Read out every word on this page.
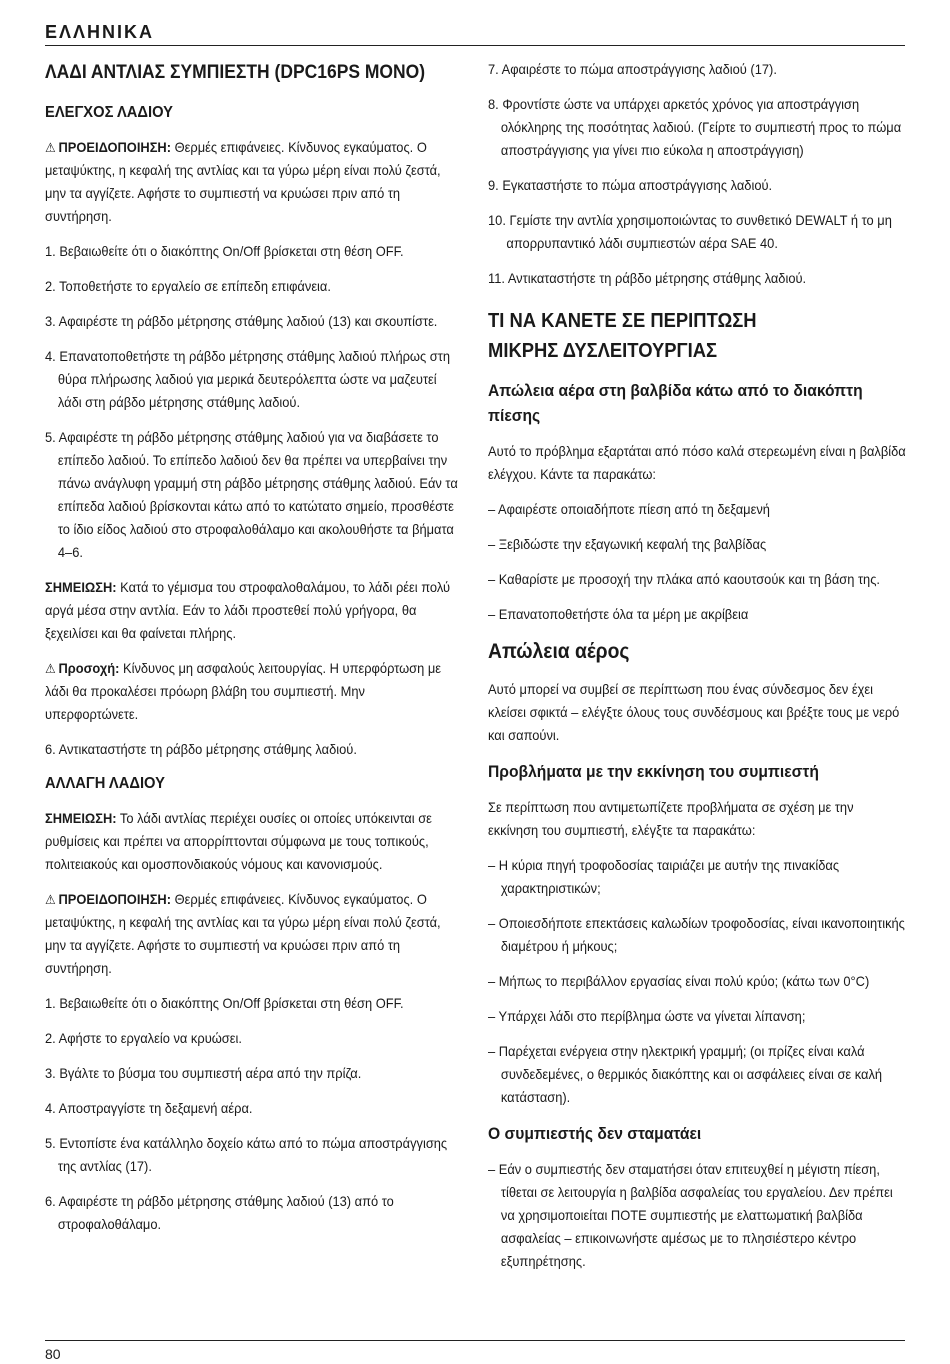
ΕΛΛΗΝΙΚΑ
ΛΑΔΙ ΑΝΤΛΙΑΣ ΣΥΜΠΙΕΣΤΗ (DPC16PS MONO)
ΕΛΕΓΧΟΣ ΛΑΔΙΟΥ

⚠ ΠΡΟΕΙΔΟΠΟΙΗΣΗ: Θερμές επιφάνειες. Κίνδυνος εγκαύματος. Ο μεταψύκτης, η κεφαλή της αντλίας και τα γύρω μέρη είναι πολύ ζεστά, μην τα αγγίζετε. Αφήστε το συμπιεστή να κρυώσει πριν από τη συντήρηση.

1. Βεβαιωθείτε ότι ο διακόπτης On/Off βρίσκεται στη θέση OFF.
2. Τοποθετήστε το εργαλείο σε επίπεδη επιφάνεια.
3. Αφαιρέστε τη ράβδο μέτρησης στάθμης λαδιού (13) και σκουπίστε.
4. Επανατοποθετήστε τη ράβδο μέτρησης στάθμης λαδιού πλήρως στη θύρα πλήρωσης λαδιού για μερικά δευτερόλεπτα ώστε να μαζευτεί λάδι στη ράβδο μέτρησης στάθμης λαδιού.
5. Αφαιρέστε τη ράβδο μέτρησης στάθμης λαδιού για να διαβάσετε το επίπεδο λαδιού. Το επίπεδο λαδιού δεν θα πρέπει να υπερβαίνει την πάνω ανάγλυφη γραμμή στη ράβδο μέτρησης στάθμης λαδιού. Εάν τα επίπεδα λαδιού βρίσκονται κάτω από το κατώτατο σημείο, προσθέστε το ίδιο είδος λαδιού στο στροφαλοθάλαμο και ακολουθήστε τα βήματα 4–6.

ΣΗΜΕΙΩΣΗ: Κατά το γέμισμα του στροφαλοθαλάμου, το λάδι ρέει πολύ αργά μέσα στην αντλία. Εάν το λάδι προστεθεί πολύ γρήγορα, θα ξεχειλίσει και θα φαίνεται πλήρης.

⚠ Προσοχή: Κίνδυνος μη ασφαλούς λειτουργίας. Η υπερφόρτωση με λάδι θα προκαλέσει πρόωρη βλάβη του συμπιεστή. Μην υπερφορτώνετε.

6. Αντικαταστήστε τη ράβδο μέτρησης στάθμης λαδιού.
ΑΛΛΑΓΗ ΛΑΔΙΟΥ

ΣΗΜΕΙΩΣΗ: Το λάδι αντλίας περιέχει ουσίες οι οποίες υπόκεινται σε ρυθμίσεις και πρέπει να απορρίπτονται σύμφωνα με τους τοπικούς, πολιτειακούς και ομοσπονδιακούς νόμους και κανονισμούς.

⚠ ΠΡΟΕΙΔΟΠΟΙΗΣΗ: Θερμές επιφάνειες. Κίνδυνος εγκαύματος. Ο μεταψύκτης, η κεφαλή της αντλίας και τα γύρω μέρη είναι πολύ ζεστά, μην τα αγγίζετε. Αφήστε το συμπιεστή να κρυώσει πριν από τη συντήρηση.

1. Βεβαιωθείτε ότι ο διακόπτης On/Off βρίσκεται στη θέση OFF.
2. Αφήστε το εργαλείο να κρυώσει.
3. Βγάλτε το βύσμα του συμπιεστή αέρα από την πρίζα.
4. Αποστραγγίστε τη δεξαμενή αέρα.
5. Εντοπίστε ένα κατάλληλο δοχείο κάτω από το πώμα αποστράγγισης της αντλίας (17).
6. Αφαιρέστε τη ράβδο μέτρησης στάθμης λαδιού (13) από το στροφαλοθάλαμο.
7. Αφαιρέστε το πώμα αποστράγγισης λαδιού (17).
8. Φροντίστε ώστε να υπάρχει αρκετός χρόνος για αποστράγγιση ολόκληρης της ποσότητας λαδιού. (Γείρτε το συμπιεστή προς το πώμα αποστράγγισης για γίνει πιο εύκολα η αποστράγγιση)
9. Εγκαταστήστε το πώμα αποστράγγισης λαδιού.
10. Γεμίστε την αντλία χρησιμοποιώντας το συνθετικό DEWALT ή το μη απορρυπαντικό λάδι συμπιεστών αέρα SAE 40.
11. Αντικαταστήστε τη ράβδο μέτρησης στάθμης λαδιού.
ΤΙ ΝΑ ΚΑΝΕΤΕ ΣΕ ΠΕΡΙΠΤΩΣΗ
ΜΙΚΡΗΣ ΔΥΣΛΕΙΤΟΥΡΓΙΑΣ
Απώλεια αέρα στη βαλβίδα κάτω από το διακόπτη πίεσης

Αυτό το πρόβλημα εξαρτάται από πόσο καλά στερεωμένη είναι η βαλβίδα ελέγχου. Κάντε τα παρακάτω:

– Αφαιρέστε οποιαδήποτε πίεση από τη δεξαμενή
– Ξεβιδώστε την εξαγωνική κεφαλή της βαλβίδας
– Καθαρίστε με προσοχή την πλάκα από καουτσούκ και τη βάση της.
– Επανατοποθετήστε όλα τα μέρη με ακρίβεια
Απώλεια αέρος

Αυτό μπορεί να συμβεί σε περίπτωση που ένας σύνδεσμος δεν έχει κλείσει σφικτά – ελέγξτε όλους τους συνδέσμους και βρέξτε τους με νερό και σαπούνι.

Προβλήματα με την εκκίνηση του συμπιεστή

Σε περίπτωση που αντιμετωπίζετε προβλήματα σε σχέση με την εκκίνηση του συμπιεστή, ελέγξτε τα παρακάτω:

– Η κύρια πηγή τροφοδοσίας ταιριάζει με αυτήν της πινακίδας χαρακτηριστικών;
– Οποιεσδήποτε επεκτάσεις καλωδίων τροφοδοσίας, είναι ικανοποιητικής διαμέτρου ή μήκους;
– Μήπως το περιβάλλον εργασίας είναι πολύ κρύο; (κάτω των 0°C)
– Υπάρχει λάδι στο περίβλημα ώστε να γίνεται λίπανση;
– Παρέχεται ενέργεια στην ηλεκτρική γραμμή; (οι πρίζες είναι καλά συνδεδεμένες, ο θερμικός διακόπτης και οι ασφάλειες είναι σε καλή κατάσταση).
Ο συμπιεστής δεν σταματάει
– Εάν ο συμπιεστής δεν σταματήσει όταν επιτευχθεί η μέγιστη πίεση, τίθεται σε λειτουργία η βαλβίδα ασφαλείας του εργαλείου. Δεν πρέπει να χρησιμοποιείται ΠΟΤΕ συμπιεστής με ελαττωματική βαλβίδα ασφαλείας – επικοινωνήστε αμέσως με το πλησιέστερο κέντρο εξυπηρέτησης.
80
